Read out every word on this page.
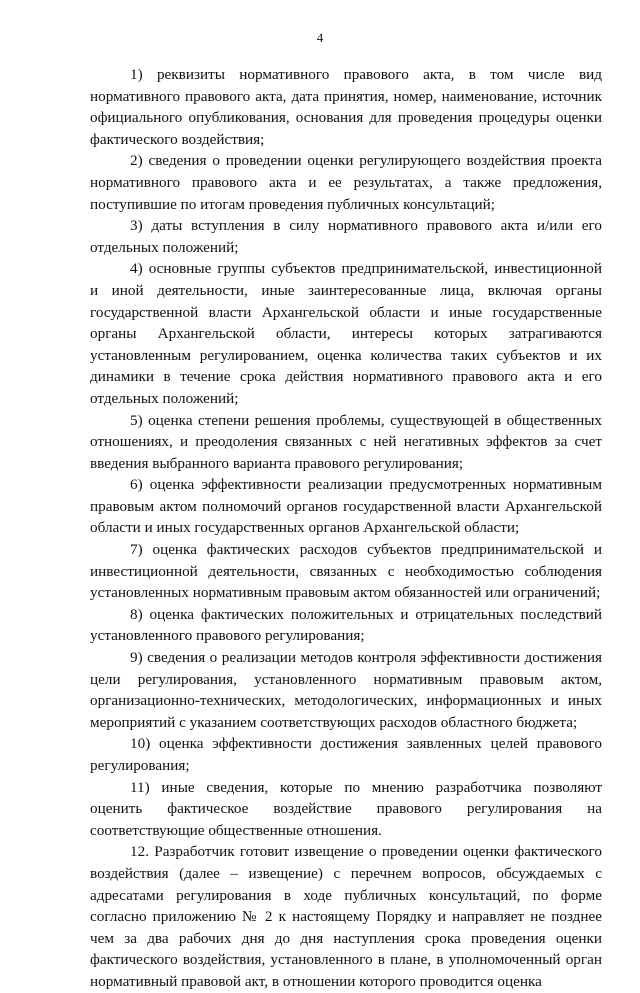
4

1) реквизиты нормативного правового акта, в том числе вид нормативного правового акта, дата принятия, номер, наименование, источник официального опубликования, основания для проведения процедуры оценки фактического воздействия;

2) сведения о проведении оценки регулирующего воздействия проекта нормативного правового акта и ее результатах, а также предложения, поступившие по итогам проведения публичных консультаций;

3) даты вступления в силу нормативного правового акта и/или его отдельных положений;

4) основные группы субъектов предпринимательской, инвестиционной и иной деятельности, иные заинтересованные лица, включая органы государственной власти Архангельской области и иные государственные органы Архангельской области, интересы которых затрагиваются установленным регулированием, оценка количества таких субъектов и их динамики в течение срока действия нормативного правового акта и его отдельных положений;

5) оценка степени решения проблемы, существующей в общественных отношениях, и преодоления связанных с ней негативных эффектов за счет введения выбранного варианта правового регулирования;

6) оценка эффективности реализации предусмотренных нормативным правовым актом полномочий органов государственной власти Архангельской области и иных государственных органов Архангельской области;

7) оценка фактических расходов субъектов предпринимательской и инвестиционной деятельности, связанных с необходимостью соблюдения установленных нормативным правовым актом обязанностей или ограничений;

8) оценка фактических положительных и отрицательных последствий установленного правового регулирования;

9) сведения о реализации методов контроля эффективности достижения цели регулирования, установленного нормативным правовым актом, организационно-технических, методологических, информационных и иных мероприятий с указанием соответствующих расходов областного бюджета;

10) оценка эффективности достижения заявленных целей правового регулирования;

11) иные сведения, которые по мнению разработчика позволяют оценить фактическое воздействие правового регулирования на соответствующие общественные отношения.

12. Разработчик готовит извещение о проведении оценки фактического воздействия (далее – извещение) с перечнем вопросов, обсуждаемых с адресатами регулирования в ходе публичных консультаций, по форме согласно приложению № 2 к настоящему Порядку и направляет не позднее чем за два рабочих дня до дня наступления срока проведения оценки фактического воздействия, установленного в плане, в уполномоченный орган нормативный правовой акт, в отношении которого проводится оценка
